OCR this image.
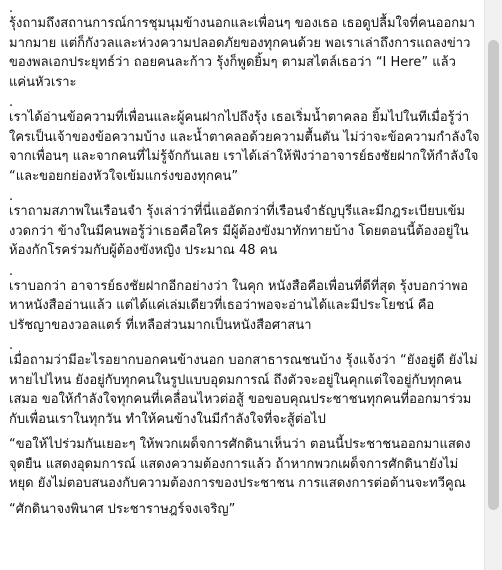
.

รุ้งถามถึงสถานการณ์การชุมนุมข้างนอกและเพื่อนๆ ของเธอ เธอดูปลื้มใจที่คนออกมามากมาย แต่ก็กังวลและห่วงความปลอดภัยของทุกคนด้วย พอเราเล่าถึงการแถลงข่าวของพลเอกประยุทธ์ว่า ถอยคนละก้าว รุ้งก็พูดยิ้มๆ ตามสไตล์เธอว่า “I Here” แล้วแค่นหัวเราะ

.

เราได้อ่านข้อความที่เพื่อนและผู้คนฝากไปถึงรุ้ง เธอเริ่มน้ำตาคลอ ยิ้มไปในทีเมื่อรู้ว่าใครเป็นเจ้าของข้อความบ้าง และน้ำตาคลอด้วยความตื้นตัน ไม่ว่าจะข้อความกำลังใจจากเพื่อนๆ และจากคนที่ไม่รู้จักกันเลย เราได้เล่าให้ฟังว่าอาจารย์ธงชัยฝากให้กำลังใจ “และขอยกย่องหัวใจเข้มแกร่งของทุกคน”

.

เราถามสภาพในเรือนจำ รุ้งเล่าว่าที่นี่แออัดกว่าที่เรือนจำธัญบุรีและมีกฎระเบียบเข้มงวดกว่า ข้างในมีคนพอรู้ว่าเธอคือใคร มีผู้ต้องขังมาทักทายบ้าง โดยตอนนี้ต้องอยู่ในห้องกักโรคร่วมกับผู้ต้องขังหญิง ประมาณ 48 คน

.

เราบอกว่า อาจารย์ธงชัยฝากอีกอย่างว่า ในคุก หนังสือคือเพื่อนที่ดีที่สุด รุ้งบอกว่าพอหาหนังสืออ่านแล้ว แต่ได้แค่เล่มเดียวที่เธอว่าพอจะอ่านได้และมีประโยชน์ คือ ปรัชญาของวอลแตร์ ที่เหลือส่วนมากเป็นหนังสือศาสนา

.

เมื่อถามว่ามีอะไรอยากบอกคนข้างนอก บอกสาธารณชนบ้าง รุ้งแจ้งว่า “ยังอยู่ดี ยังไม่หายไปไหน ยังอยู่กับทุกคนในรูปแบบอุดมการณ์ ถึงตัวจะอยู่ในคุกแต่ใจอยู่กับทุกคนเสมอ ขอให้กำลังใจทุกคนที่เคลื่อนไหวต่อสู้ ขอขอบคุณประชาชนทุกคนที่ออกมาร่วมกับเพื่อนเราในทุกวัน ทำให้คนข้างในมีกำลังใจที่จะสู้ต่อไป

“ขอให้ไปร่วมกันเยอะๆ ให้พวกเผด็จการศักดินาเห็นว่า ตอนนี้ประชาชนออกมาแสดงจุดยืน แสดงอุดมการณ์ แสดงความต้องการแล้ว ถ้าหากพวกเผด็จการศักดินายังไม่หยุด ยังไม่ตอบสนองกับความต้องการของประชาชน การแสดงการต่อต้านจะทวีคูณ

“ศักดินาจงพินาศ ประชาราษฎร์จงเจริญ”
